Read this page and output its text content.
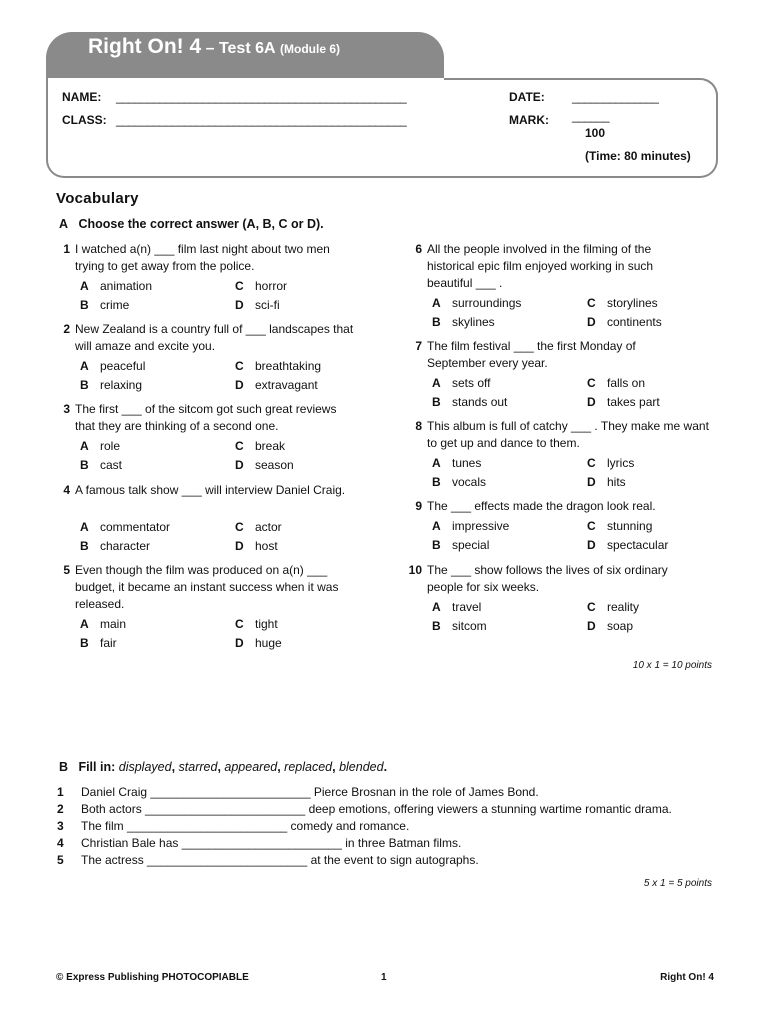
Right On! 4 – Test 6A (Module 6)
NAME: _______________________________________________
CLASS: _______________________________________________
DATE: ______________
MARK: ______
100
(Time: 80 minutes)
Vocabulary
A Choose the correct answer (A, B, C or D).
1 I watched a(n) ___ film last night about two men trying to get away from the police.
A animation	C horror
B crime	D sci-fi
2 New Zealand is a country full of ___ landscapes that will amaze and excite you.
A peaceful	C breathtaking
B relaxing	D extravagant
3 The first ___ of the sitcom got such great reviews that they are thinking of a second one.
A role	C break
B cast	D season
4 A famous talk show ___ will interview Daniel Craig.
A commentator	C actor
B character	D host
5 Even though the film was produced on a(n) ___ budget, it became an instant success when it was released.
A main	C tight
B fair	D huge
6 All the people involved in the filming of the historical epic film enjoyed working in such beautiful ___ .
A surroundings	C storylines
B skylines	D continents
7 The film festival ___ the first Monday of September every year.
A sets off	C falls on
B stands out	D takes part
8 This album is full of catchy ___ . They make me want to get up and dance to them.
A tunes	C lyrics
B vocals	D hits
9 The ___ effects made the dragon look real.
A impressive	C stunning
B special	D spectacular
10 The ___ show follows the lives of six ordinary people for six weeks.
A travel	C reality
B sitcom	D soap
10 x 1 = 10 points
B Fill in: displayed, starred, appeared, replaced, blended.
1 Daniel Craig ________________________ Pierce Brosnan in the role of James Bond.
2 Both actors ________________________ deep emotions, offering viewers a stunning wartime romantic drama.
3 The film ________________________ comedy and romance.
4 Christian Bale has ________________________ in three Batman films.
5 The actress ________________________ at the event to sign autographs.
5 x 1 = 5 points
© Express Publishing PHOTOCOPIABLE	1	Right On! 4
